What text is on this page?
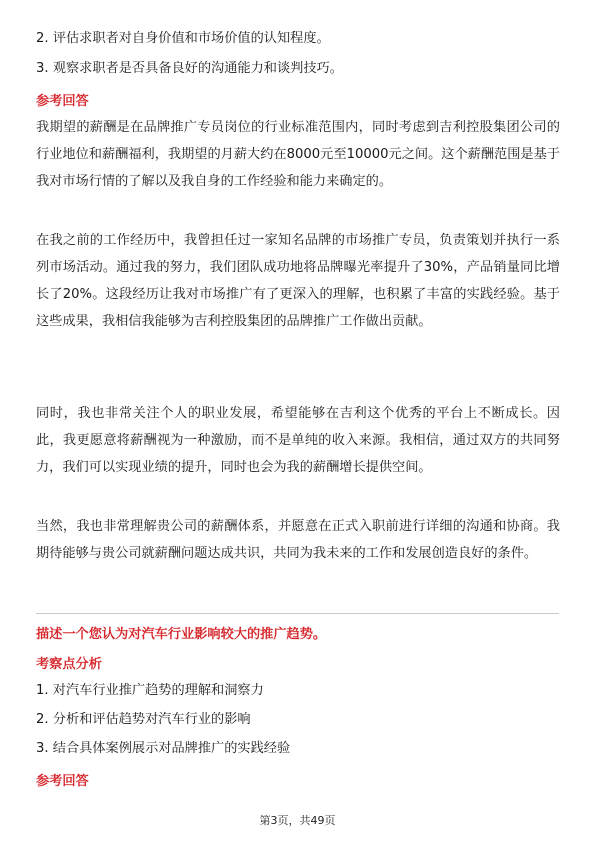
2. 评估求职者对自身价值和市场价值的认知程度。
3. 观察求职者是否具备良好的沟通能力和谈判技巧。
参考回答
我期望的薪酬是在品牌推广专员岗位的行业标准范围内，同时考虑到吉利控股集团公司的行业地位和薪酬福利，我期望的月薪大约在8000元至10000元之间。这个薪酬范围是基于我对市场行情的了解以及我自身的工作经验和能力来确定的。
在我之前的工作经历中，我曾担任过一家知名品牌的市场推广专员，负责策划并执行一系列市场活动。通过我的努力，我们团队成功地将品牌曝光率提升了30%，产品销量同比增长了20%。这段经历让我对市场推广有了更深入的理解，也积累了丰富的实践经验。基于这些成果，我相信我能够为吉利控股集团的品牌推广工作做出贡献。
同时，我也非常关注个人的职业发展，希望能够在吉利这个优秀的平台上不断成长。因此，我更愿意将薪酬视为一种激励，而不是单纯的收入来源。我相信，通过双方的共同努力，我们可以实现业绩的提升，同时也会为我的薪酬增长提供空间。
当然，我也非常理解贵公司的薪酬体系，并愿意在正式入职前进行详细的沟通和协商。我期待能够与贵公司就薪酬问题达成共识，共同为我未来的工作和发展创造良好的条件。
描述一个您认为对汽车行业影响较大的推广趋势。
考察点分析
1. 对汽车行业推广趋势的理解和洞察力
2. 分析和评估趋势对汽车行业的影响
3. 结合具体案例展示对品牌推广的实践经验
参考回答
第3页，共49页
